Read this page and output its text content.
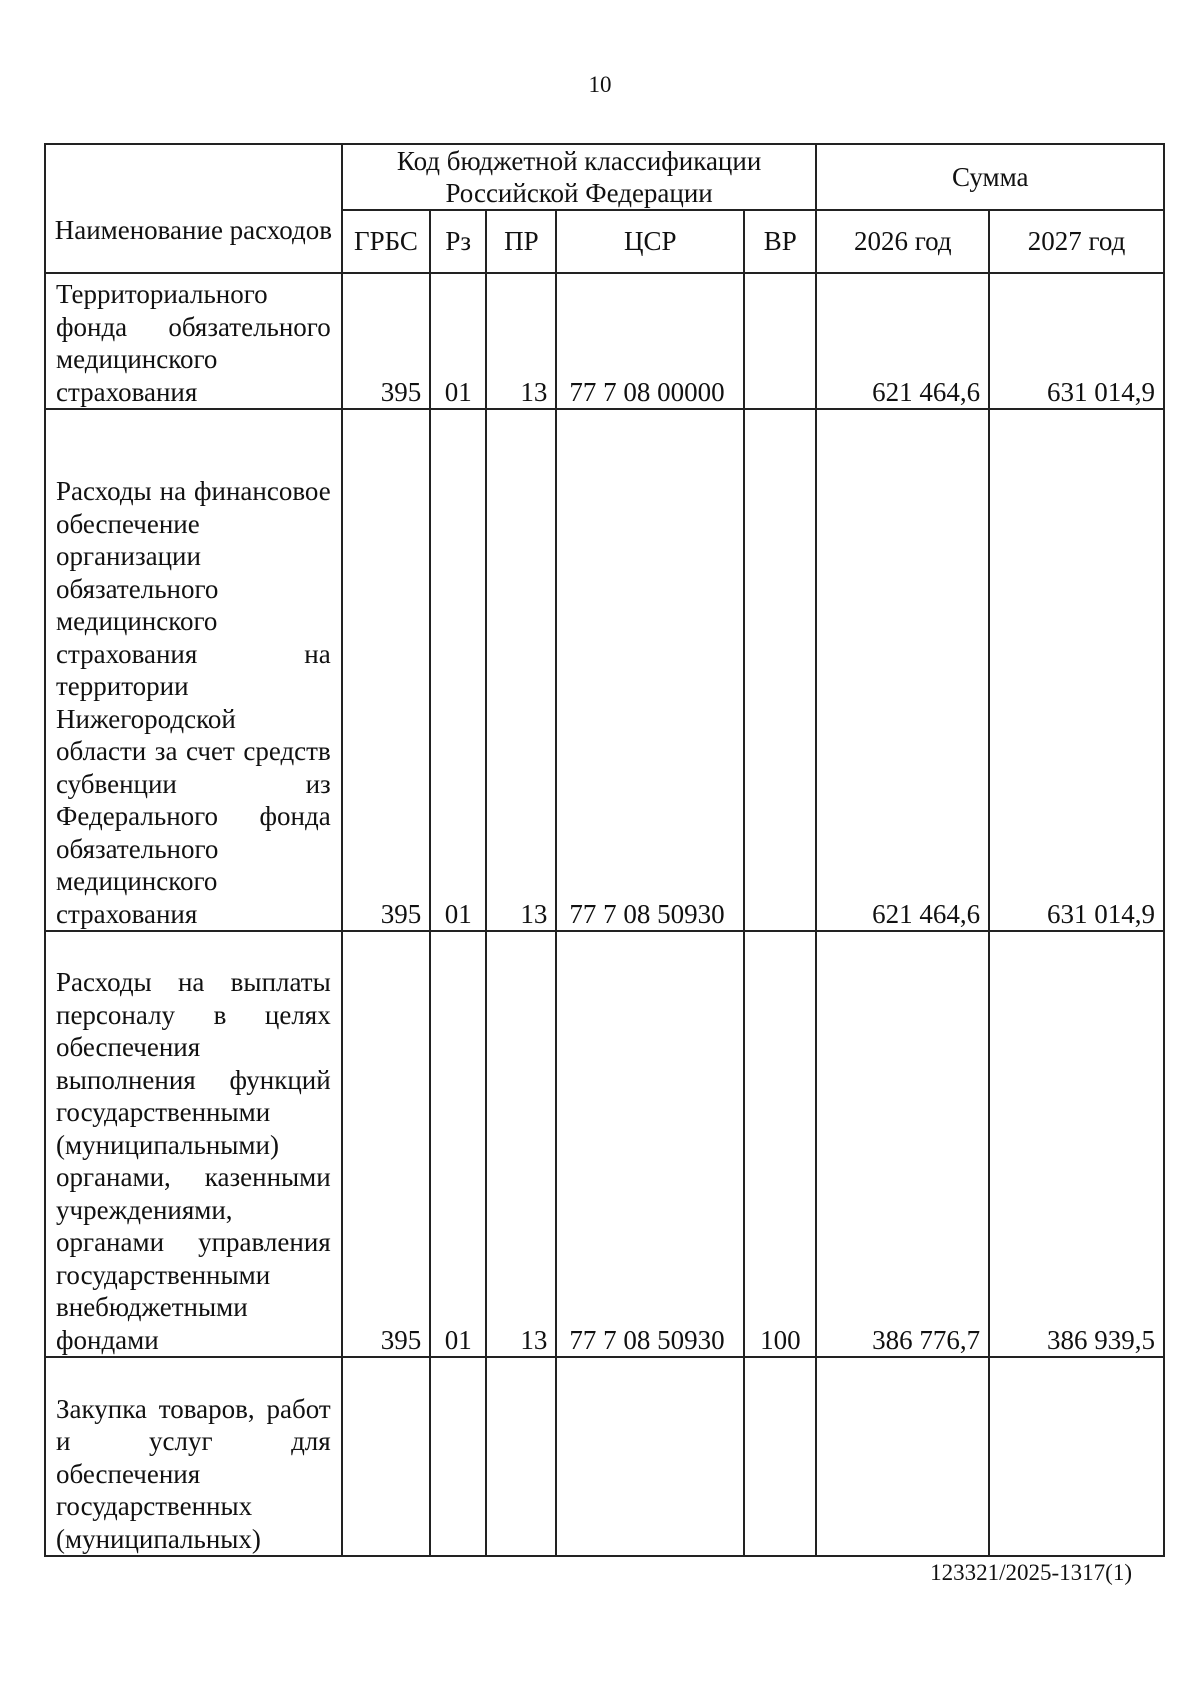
10
Наименование расходов	Код бюджетной классификации Российской Федерации					Сумма	
	ГРБС	Рз	ПР	ЦСР	ВР	2026 год	2027 год
Территориального фонда обязательного медицинского страхования	395	01	13	77 7 08 00000		621 464,6	631 014,9
Расходы на финансовое обеспечение организации обязательного медицинского страхования на территории Нижегородской области за счет средств субвенции из Федерального фонда обязательного медицинского страхования	395	01	13	77 7 08 50930		621 464,6	631 014,9
Расходы на выплаты персоналу в целях обеспечения выполнения функций государственными (муниципальными) органами, казенными учреждениями, органами управления государственными внебюджетными фондами	395	01	13	77 7 08 50930	100	386 776,7	386 939,5
Закупка товаров, работ и услуг для обеспечения государственных (муниципальных)							
123321/2025-1317(1)
